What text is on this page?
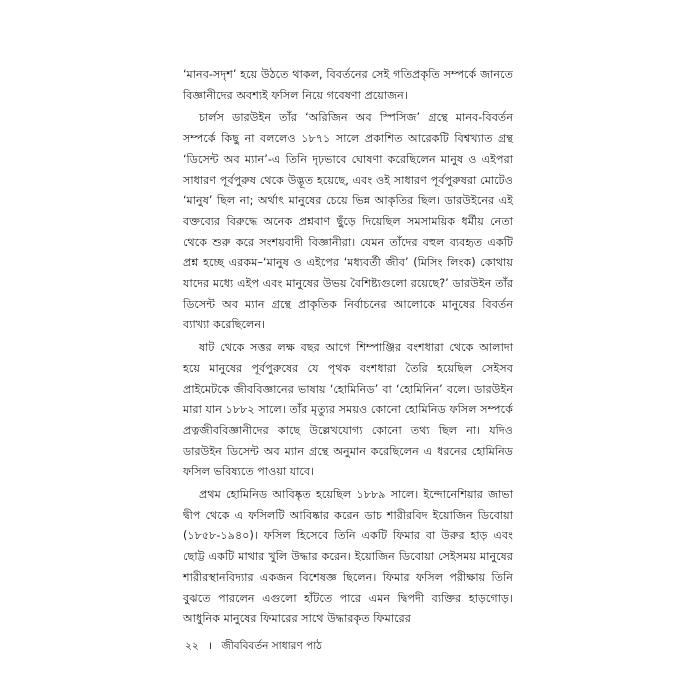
‘মানব-সদৃশ’ হয়ে উঠতে থাকল, বিবর্তনের সেই গতিপ্রকৃতি সম্পর্কে জানতে বিজ্ঞানীদের অবশ্যই ফসিল নিয়ে গবেষণা প্রয়োজন।

চার্লস ডারউইন তাঁর ‘অরিজিন অব স্পিসিজ’ গ্রন্থে মানব-বিবর্তন সম্পর্কে কিছু না বললেও ১৮৭১ সালে প্রকাশিত আরেকটি বিশ্বখ্যাত গ্রন্থ ‘ডিসেন্ট অব ম্যান’-এ তিনি দৃঢ়ভাবে ঘোষণা করেছিলেন মানুষ ও এইপরা সাধারণ পূর্বপুরুষ থেকে উদ্ভূত হয়েছে, এবং ওই সাধারণ পূর্বপুরুষরা মোটেও ‘মানুষ’ ছিল না; অর্থাৎ মানুষের চেয়ে ভিন্ন আকৃতির ছিল। ডারউইনের এই বক্তব্যের বিরুদ্ধে অনেক প্রশ্নবাণ ছুঁড়ে দিয়েছিল সমসাময়িক ধর্মীয় নেতা থেকে শুরু করে সংশয়বাদী বিজ্ঞানীরা। যেমন তাঁদের বহুল ব্যবহৃত একটি প্রশ্ন হচ্ছে এরকম–‘মানুষ ও এইপের ‘মধ্যবর্তী জীব’ (মিসিং লিংক) কোথায় যাদের মধ্যে এইপ এবং মানুষের উভয় বৈশিষ্ট্যগুলো রয়েছে?’ ডারউইন তাঁর ডিসেন্ট অব ম্যান গ্রন্থে প্রাকৃতিক নির্বাচনের আলোকে মানুষের বিবর্তন ব্যাখ্যা করেছিলেন।

ষাট থেকে সত্তর লক্ষ বছর আগে শিম্পাঞ্জির বংশধারা থেকে আলাদা হয়ে মানুষের পূর্বপুরুষের যে পৃথক বংশধারা তৈরি হয়েছিল সেইসব প্রাইমেটকে জীববিজ্ঞানের ভাষায় ‘হোমিনিড’ বা ‘হোমিনিন’ বলে। ডারউইন মারা যান ১৮৮২ সালে। তাঁর মৃত্যুর সময়ও কোনো হোমিনিড ফসিল সম্পর্কে প্রত্নজীববিজ্ঞানীদের কাছে উল্লেখযোগ্য কোনো তথ্য ছিল না। যদিও ডারউইন ডিসেন্ট অব ম্যান গ্রন্থে অনুমান করেছিলেন এ ধরনের হোমিনিড ফসিল ভবিষ্যতে পাওয়া যাবে।

প্রথম হোমিনিড আবিষ্কৃত হয়েছিল ১৮৮৯ সালে। ইন্দোনেশিয়ার জাভা দ্বীপ থেকে এ ফসিলটি আবিষ্কার করেন ডাচ শারীরবিদ ইয়োজিন ডিবোয়া (১৮৫৮-১৯৪০)। ফসিল হিসেবে তিনি একটি ফিমার বা উরুর হাড় এবং ছোট্ট একটি মাথার খুলি উদ্ধার করেন। ইয়োজিন ডিবোয়া সেইসময় মানুষের শারীরস্থানবিদ্যার একজন বিশেষজ্ঞ ছিলেন। ফিমার ফসিল পরীক্ষায় তিনি বুঝতে পারলেন এগুলো হাঁটতে পারে এমন দ্বিপদী ব্যক্তির হাড়গোড়। আধুনিক মানুষের ফিমারের সাথে উদ্ধারকৃত ফিমারের

২২ । জীববিবর্তন সাধারণ পাঠ
